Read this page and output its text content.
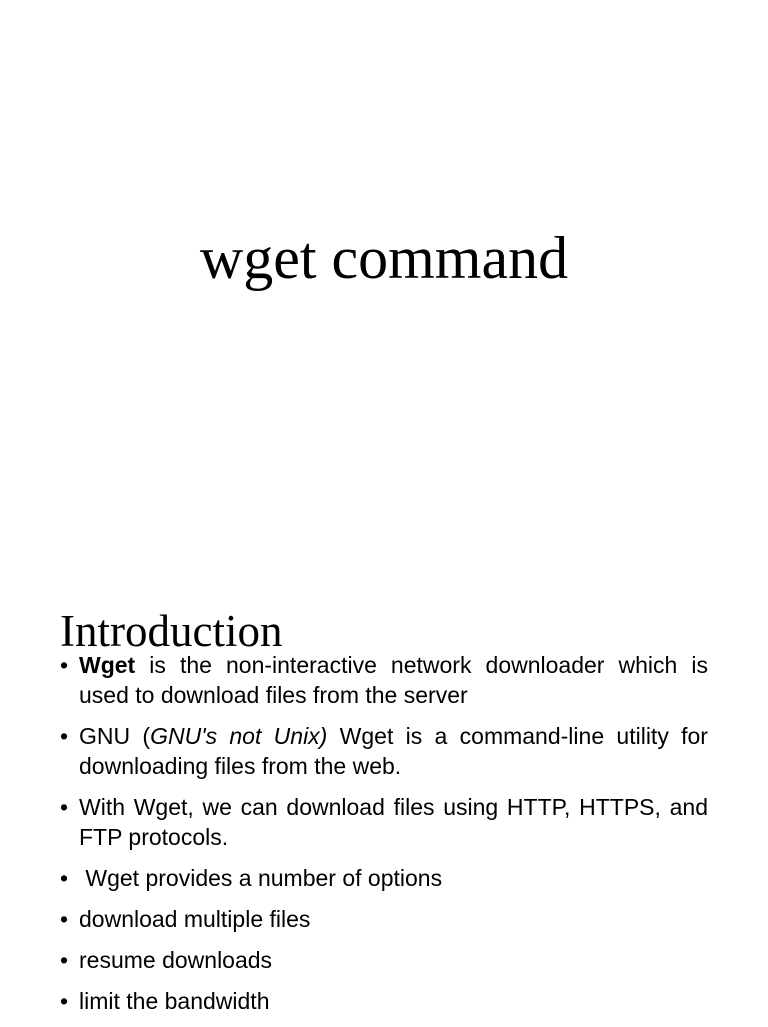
wget command
Introduction
• Wget is the non-interactive network downloader which is used to download files from the server
• GNU (GNU's not Unix) Wget is a command-line utility for downloading files from the web.
• With Wget, we can download files using HTTP, HTTPS, and FTP protocols.
• Wget provides a number of options
• download multiple files
• resume downloads
• limit the bandwidth
